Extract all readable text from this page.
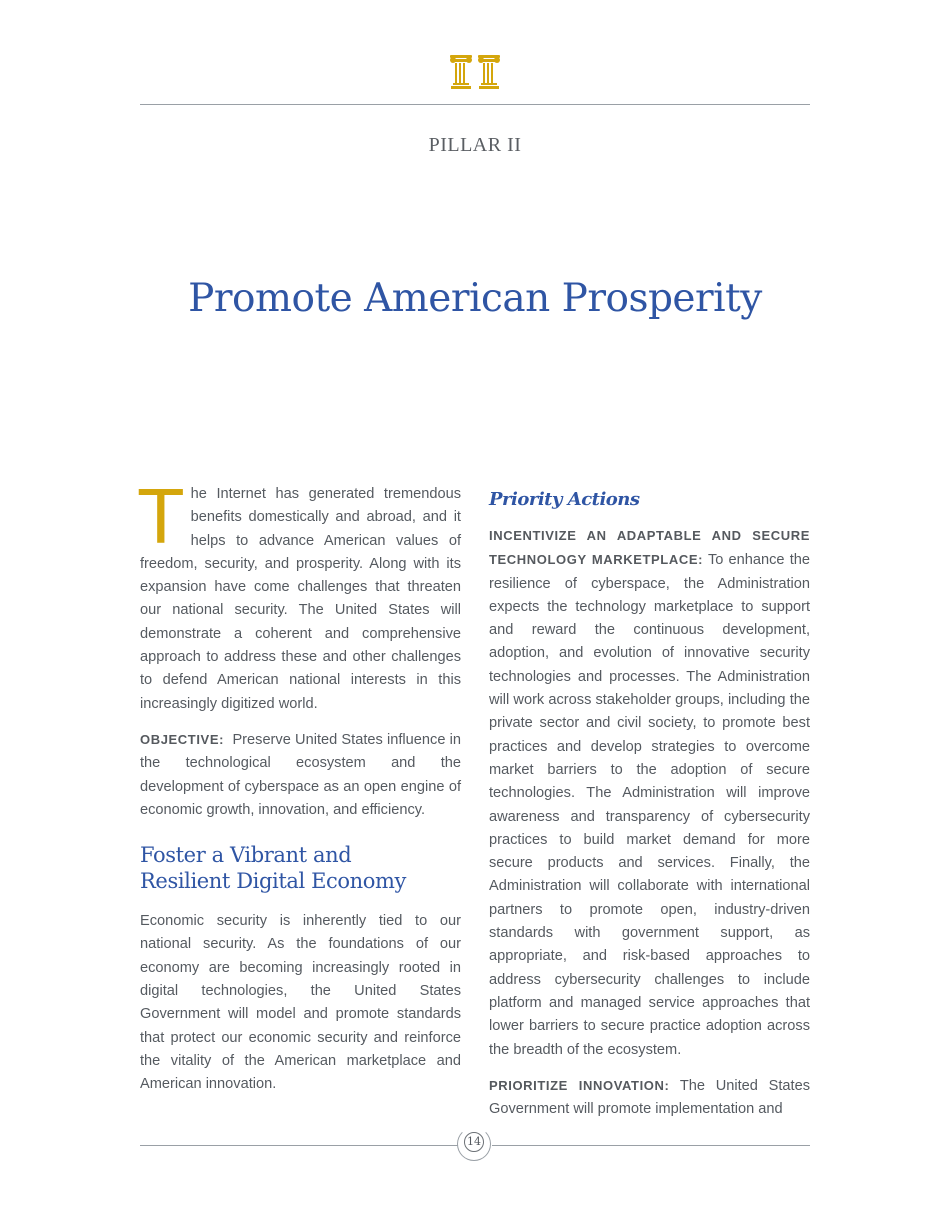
PILLAR II
Promote American Prosperity

The Internet has generated tremendous benefits domestically and abroad, and it helps to advance American values of freedom, security, and prosperity. Along with its expansion have come challenges that threaten our national security. The United States will demonstrate a coherent and comprehensive approach to address these and other challenges to defend American national interests in this increasingly digitized world.

OBJECTIVE: Preserve United States influence in the technological ecosystem and the development of cyberspace as an open engine of economic growth, innovation, and efficiency.

Foster a Vibrant and
Resilient Digital Economy

Economic security is inherently tied to our national security. As the foundations of our economy are becoming increasingly rooted in digital technologies, the United States Government will model and promote standards that protect our economic security and reinforce the vitality of the American marketplace and American innovation.

Priority Actions

INCENTIVIZE AN ADAPTABLE AND SECURE TECHNOLOGY MARKETPLACE: To enhance the resilience of cyberspace, the Administration expects the technology marketplace to support and reward the continuous development, adoption, and evolution of innovative security technologies and processes. The Administration will work across stakeholder groups, including the private sector and civil society, to promote best practices and develop strategies to overcome market barriers to the adoption of secure technologies. The Administration will improve awareness and transparency of cybersecurity practices to build market demand for more secure products and services. Finally, the Administration will collaborate with international partners to promote open, industry-driven standards with government support, as appropriate, and risk-based approaches to address cybersecurity challenges to include platform and managed service approaches that lower barriers to secure practice adoption across the breadth of the ecosystem.

PRIORITIZE INNOVATION: The United States Government will promote implementation and

14
